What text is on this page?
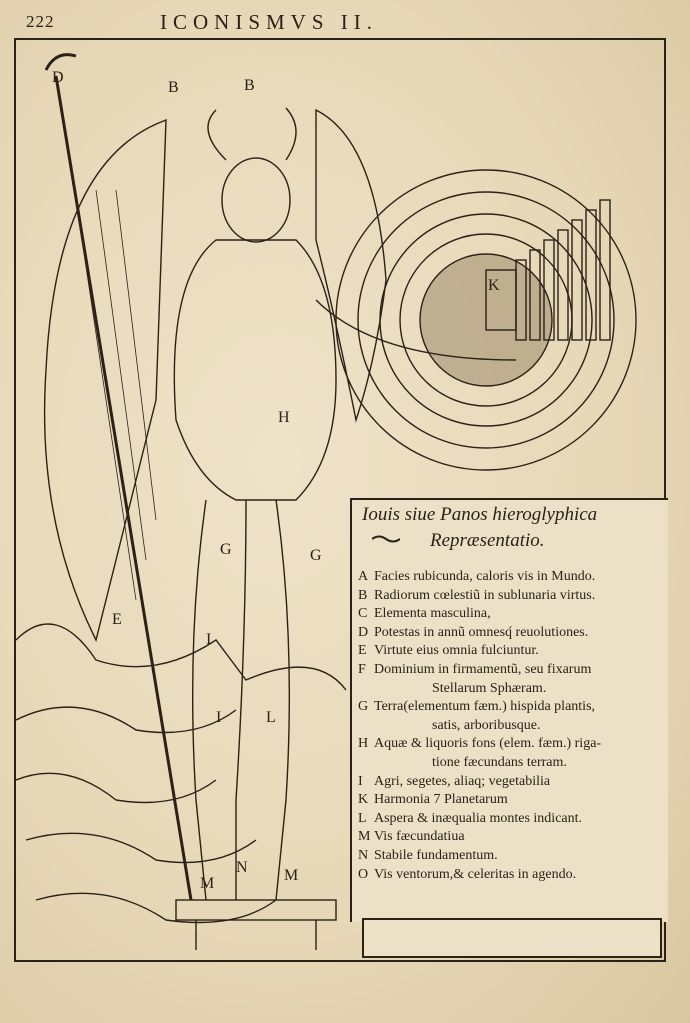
222	ICONISMVS II.
D
B	B
H
E
G	G
I
I	L
K
M	M
N
Iouis siue Panos hieroglyphica
Repræsentatio.
A Facies rubicunda, caloris vis in Mundo.
B Radiorum cœlestiũ in sublunaria virtus.
C Elementa masculina,
D Potestas in annũ omnesq́ reuolutiones.
E Virtute eius omnia fulciuntur.
F Dominium in firmamentũ, seu fixarum
Stellarum Sphæram.
G Terra(elementum fæm.) hispida plantis,
satis, arboribusque.
H Aquæ & liquoris fons (elem. fæm.) riga-
tione fæcundans terram.
I Agri, segetes, aliaq; vegetabilia
K Harmonia 7 Planetarum
L Aspera & inæqualia montes indicant.
M Vis fæcundatiua
N Stabile fundamentum.
O Vis ventorum,& celeritas in agendo.
